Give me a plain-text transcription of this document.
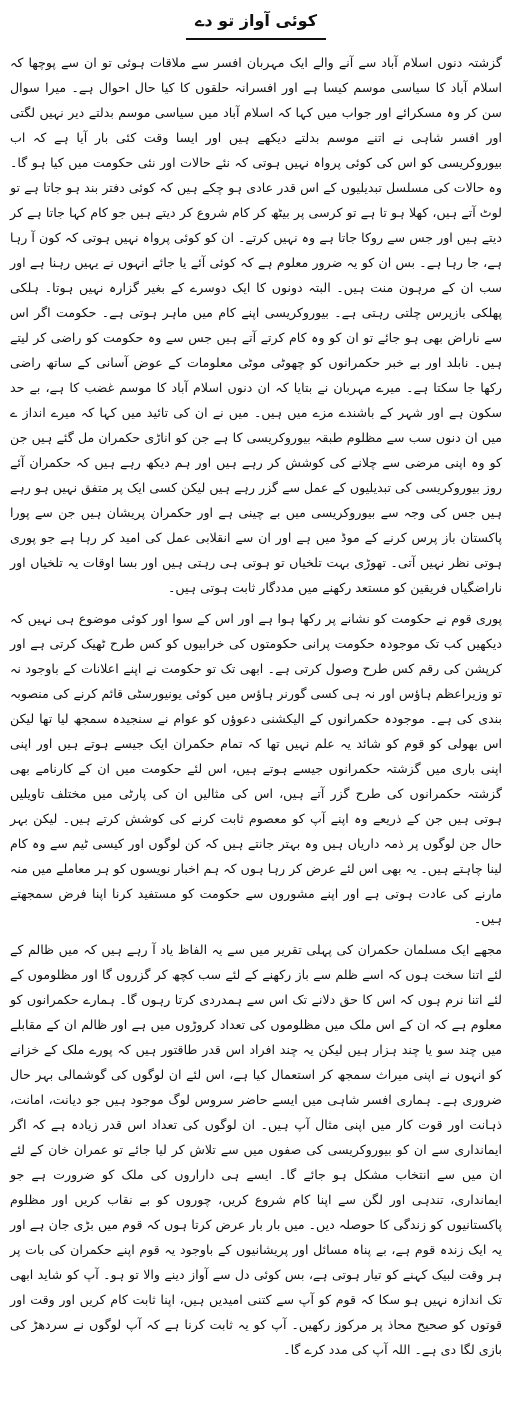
کوئی آواز تو دے

گزشتہ دنوں اسلام آباد سے آنے والے ایک مہربان افسر سے ملاقات ہوئی تو ان سے پوچھا کہ اسلام آباد کا سیاسی موسم کیسا ہے اور افسرانہ حلقوں کا کیا حال احوال ہے۔ میرا سوال سن کر وہ مسکرائے اور جواب میں کہا کہ اسلام آباد میں سیاسی موسم بدلتے دیر نہیں لگتی اور افسر شاہی نے اتنے موسم بدلتے دیکھے ہیں اور ایسا وقت کئی بار آیا ہے کہ اب بیوروکریسی کو اس کی کوئی پرواہ نہیں ہوتی کہ نئے حالات اور نئی حکومت میں کیا ہو گا۔ وہ حالات کی مسلسل تبدیلیوں کے اس قدر عادی ہو چکے ہیں کہ کوئی دفتر بند ہو جاتا ہے تو لوٹ آتے ہیں، کھلا ہو تا ہے تو کرسی پر بیٹھ کر کام شروع کر دیتے ہیں جو کام کہا جاتا ہے کر دیتے ہیں اور جس سے روکا جاتا ہے وہ نہیں کرتے۔ ان کو کوئی پرواہ نہیں ہوتی کہ کون آ رہا ہے، جا رہا ہے۔ بس ان کو یہ ضرور معلوم ہے کہ کوئی آئے یا جائے انہوں نے یہیں رہنا ہے اور سب ان کے مرہون منت ہیں۔ البتہ دونوں کا ایک دوسرے کے بغیر گزارہ نہیں ہوتا۔ ہلکی پھلکی بازپرس چلتی رہتی ہے۔ بیوروکریسی اپنے کام میں ماہر ہوتی ہے۔ حکومت اگر اس سے ناراض بھی ہو جائے تو ان کو وہ کام کرتے آتے ہیں جس سے وہ حکومت کو راضی کر لیتے ہیں۔ نابلد اور بے خبر حکمرانوں کو چھوٹی موٹی معلومات کے عوض آسانی کے ساتھ راضی رکھا جا سکتا ہے۔ میرے مہربان نے بتایا کہ ان دنوں اسلام آباد کا موسم غضب کا ہے، بے حد سکون ہے اور شہر کے باشندے مزے میں ہیں۔ میں نے ان کی تائید میں کہا کہ میرے انداز ے میں ان دنوں سب سے مظلوم طبقہ بیوروکریسی کا ہے جن کو اناڑی حکمران مل گئے ہیں جن کو وہ اپنی مرضی سے چلانے کی کوشش کر رہے ہیں اور ہم دیکھ رہے ہیں کہ حکمران آئے روز بیوروکریسی کی تبدیلیوں کے عمل سے گزر رہے ہیں لیکن کسی ایک پر متفق نہیں ہو رہے ہیں جس کی وجہ سے بیوروکریسی میں بے چینی ہے اور حکمران پریشان ہیں جن سے پورا پاکستان باز پرس کرنے کے موڈ میں ہے اور ان سے انقلابی عمل کی امید کر رہا ہے جو پوری ہوتی نظر نہیں آتی۔ تھوڑی بہت تلخیاں تو ہوتی ہی رہتی ہیں اور بسا اوقات یہ تلخیاں اور ناراضگیاں فریقین کو مستعد رکھنے میں مددگار ثابت ہوتی ہیں۔

پوری قوم نے حکومت کو نشانے پر رکھا ہوا ہے اور اس کے سوا اور کوئی موضوع ہی نہیں کہ دیکھیں کب تک موجودہ حکومت پرانی حکومتوں کی خرابیوں کو کس طرح ٹھیک کرتی ہے اور کرپشن کی رقم کس طرح وصول کرتی ہے۔ ابھی تک تو حکومت نے اپنے اعلانات کے باوجود نہ تو وزیراعظم ہاؤس اور نہ ہی کسی گورنر ہاؤس میں کوئی یونیورسٹی قائم کرنے کی منصوبہ بندی کی ہے۔ موجودہ حکمرانوں کے الیکشنی دعوؤں کو عوام نے سنجیدہ سمجھ لیا تھا لیکن اس بھولی کو قوم کو شائد یہ علم نہیں تھا کہ تمام حکمران ایک جیسے ہوتے ہیں اور اپنی اپنی باری میں گزشتہ حکمرانوں جیسے ہوتے ہیں، اس لئے حکومت میں ان کے کارنامے بھی گزشتہ حکمرانوں کی طرح گزر آتے ہیں، اس کی مثالیں ان کی پارٹی میں مختلف تاویلیں ہوتی ہیں جن کے ذریعے وہ اپنے آپ کو معصوم ثابت کرنے کی کوشش کرتے ہیں۔ لیکن بہر حال جن لوگوں پر ذمہ داریاں ہیں وہ بہتر جانتے ہیں کہ کن لوگوں اور کیسی ٹیم سے وہ کام لینا چاہتے ہیں۔ یہ بھی اس لئے عرض کر رہا ہوں کہ ہم اخبار نویسوں کو ہر معاملے میں منہ مارنے کی عادت ہوتی ہے اور اپنے مشوروں سے حکومت کو مستفید کرنا اپنا فرض سمجھتے ہیں۔

مجھے ایک مسلمان حکمران کی پہلی تقریر میں سے یہ الفاظ یاد آ رہے ہیں کہ میں ظالم کے لئے اتنا سخت ہوں کہ اسے ظلم سے باز رکھنے کے لئے سب کچھ کر گزروں گا اور مظلوموں کے لئے اتنا نرم ہوں کہ اس کا حق دلانے تک اس سے ہمدردی کرتا رہوں گا۔ ہمارے حکمرانوں کو معلوم ہے کہ ان کے اس ملک میں مظلوموں کی تعداد کروڑوں میں ہے اور ظالم ان کے مقابلے میں چند سو یا چند ہزار ہیں لیکن یہ چند افراد اس قدر طاقتور ہیں کہ پورے ملک کے خزانے کو انہوں نے اپنی میراث سمجھ کر استعمال کیا ہے، اس لئے ان لوگوں کی گوشمالی بہر حال ضروری ہے۔ ہماری افسر شاہی میں ایسے حاضر سروس لوگ موجود ہیں جو دیانت، امانت، ذہانت اور قوت کار میں اپنی مثال آپ ہیں۔ ان لوگوں کی تعداد اس قدر زیادہ ہے کہ اگر ایمانداری سے ان کو بیوروکریسی کی صفوں میں سے تلاش کر لیا جائے تو عمران خان کے لئے ان میں سے انتخاب مشکل ہو جائے گا۔ ایسے ہی داراروں کی ملک کو ضرورت ہے جو ایمانداری، تندہی اور لگن سے اپنا کام شروع کریں، چوروں کو بے نقاب کریں اور مظلوم پاکستانیوں کو زندگی کا حوصلہ دیں۔ میں بار بار عرض کرتا ہوں کہ قوم میں بڑی جان ہے اور یہ ایک زندہ قوم ہے، بے پناہ مسائل اور پریشانیوں کے باوجود یہ قوم اپنے حکمران کی بات پر ہر وقت لبیک کہنے کو تیار ہوتی ہے، بس کوئی دل سے آواز دینے والا تو ہو۔ آپ کو شاید ابھی تک اندازہ نہیں ہو سکا کہ قوم کو آپ سے کتنی امیدیں ہیں، اپنا ثابت کام کریں اور وقت اور قوتوں کو صحیح محاذ پر مرکوز رکھیں۔ آپ کو یہ ثابت کرنا ہے کہ آپ لوگوں نے سردھڑ کی بازی لگا دی ہے۔ اللہ آپ کی مدد کرے گا۔
